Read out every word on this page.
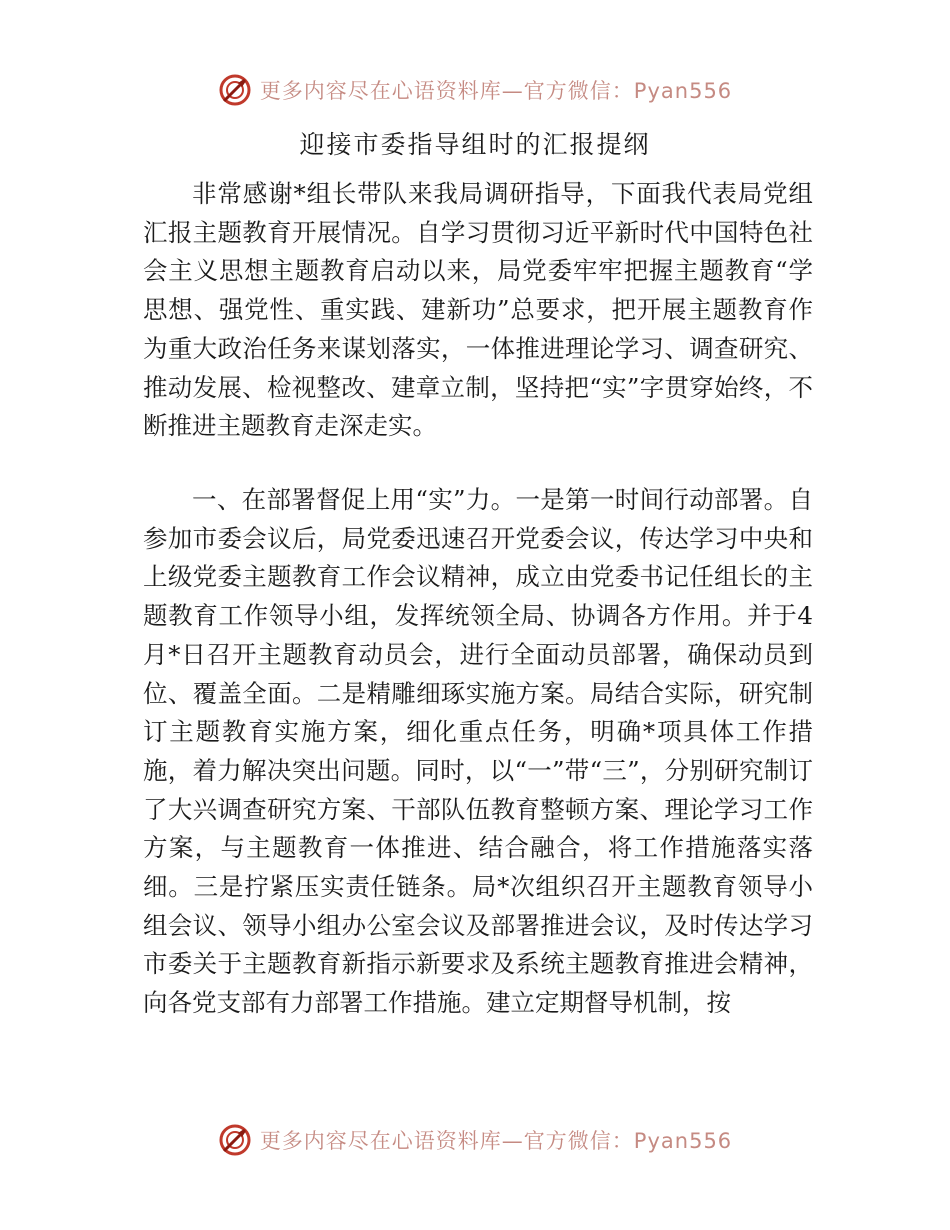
更多内容尽在心语资料库—官方微信：Pyan556
迎接市委指导组时的汇报提纲

非常感谢*组长带队来我局调研指导，下面我代表局党组汇报主题教育开展情况。自学习贯彻习近平新时代中国特色社会主义思想主题教育启动以来，局党委牢牢把握主题教育“学思想、强党性、重实践、建新功”总要求，把开展主题教育作为重大政治任务来谋划落实，一体推进理论学习、调查研究、推动发展、检视整改、建章立制，坚持把“实”字贯穿始终，不断推进主题教育走深走实。

一、在部署督促上用“实”力。一是第一时间行动部署。自参加市委会议后，局党委迅速召开党委会议，传达学习中央和上级党委主题教育工作会议精神，成立由党委书记任组长的主题教育工作领导小组，发挥统领全局、协调各方作用。并于4月*日召开主题教育动员会，进行全面动员部署，确保动员到位、覆盖全面。二是精雕细琢实施方案。局结合实际，研究制订主题教育实施方案，细化重点任务，明确*项具体工作措施，着力解决突出问题。同时，以“一”带“三”，分别研究制订了大兴调查研究方案、干部队伍教育整顿方案、理论学习工作方案，与主题教育一体推进、结合融合，将工作措施落实落细。三是拧紧压实责任链条。局*次组织召开主题教育领导小组会议、领导小组办公室会议及部署推进会议，及时传达学习市委关于主题教育新指示新要求及系统主题教育推进会精神，向各党支部有力部署工作措施。建立定期督导机制，按

更多内容尽在心语资料库—官方微信：Pyan556
